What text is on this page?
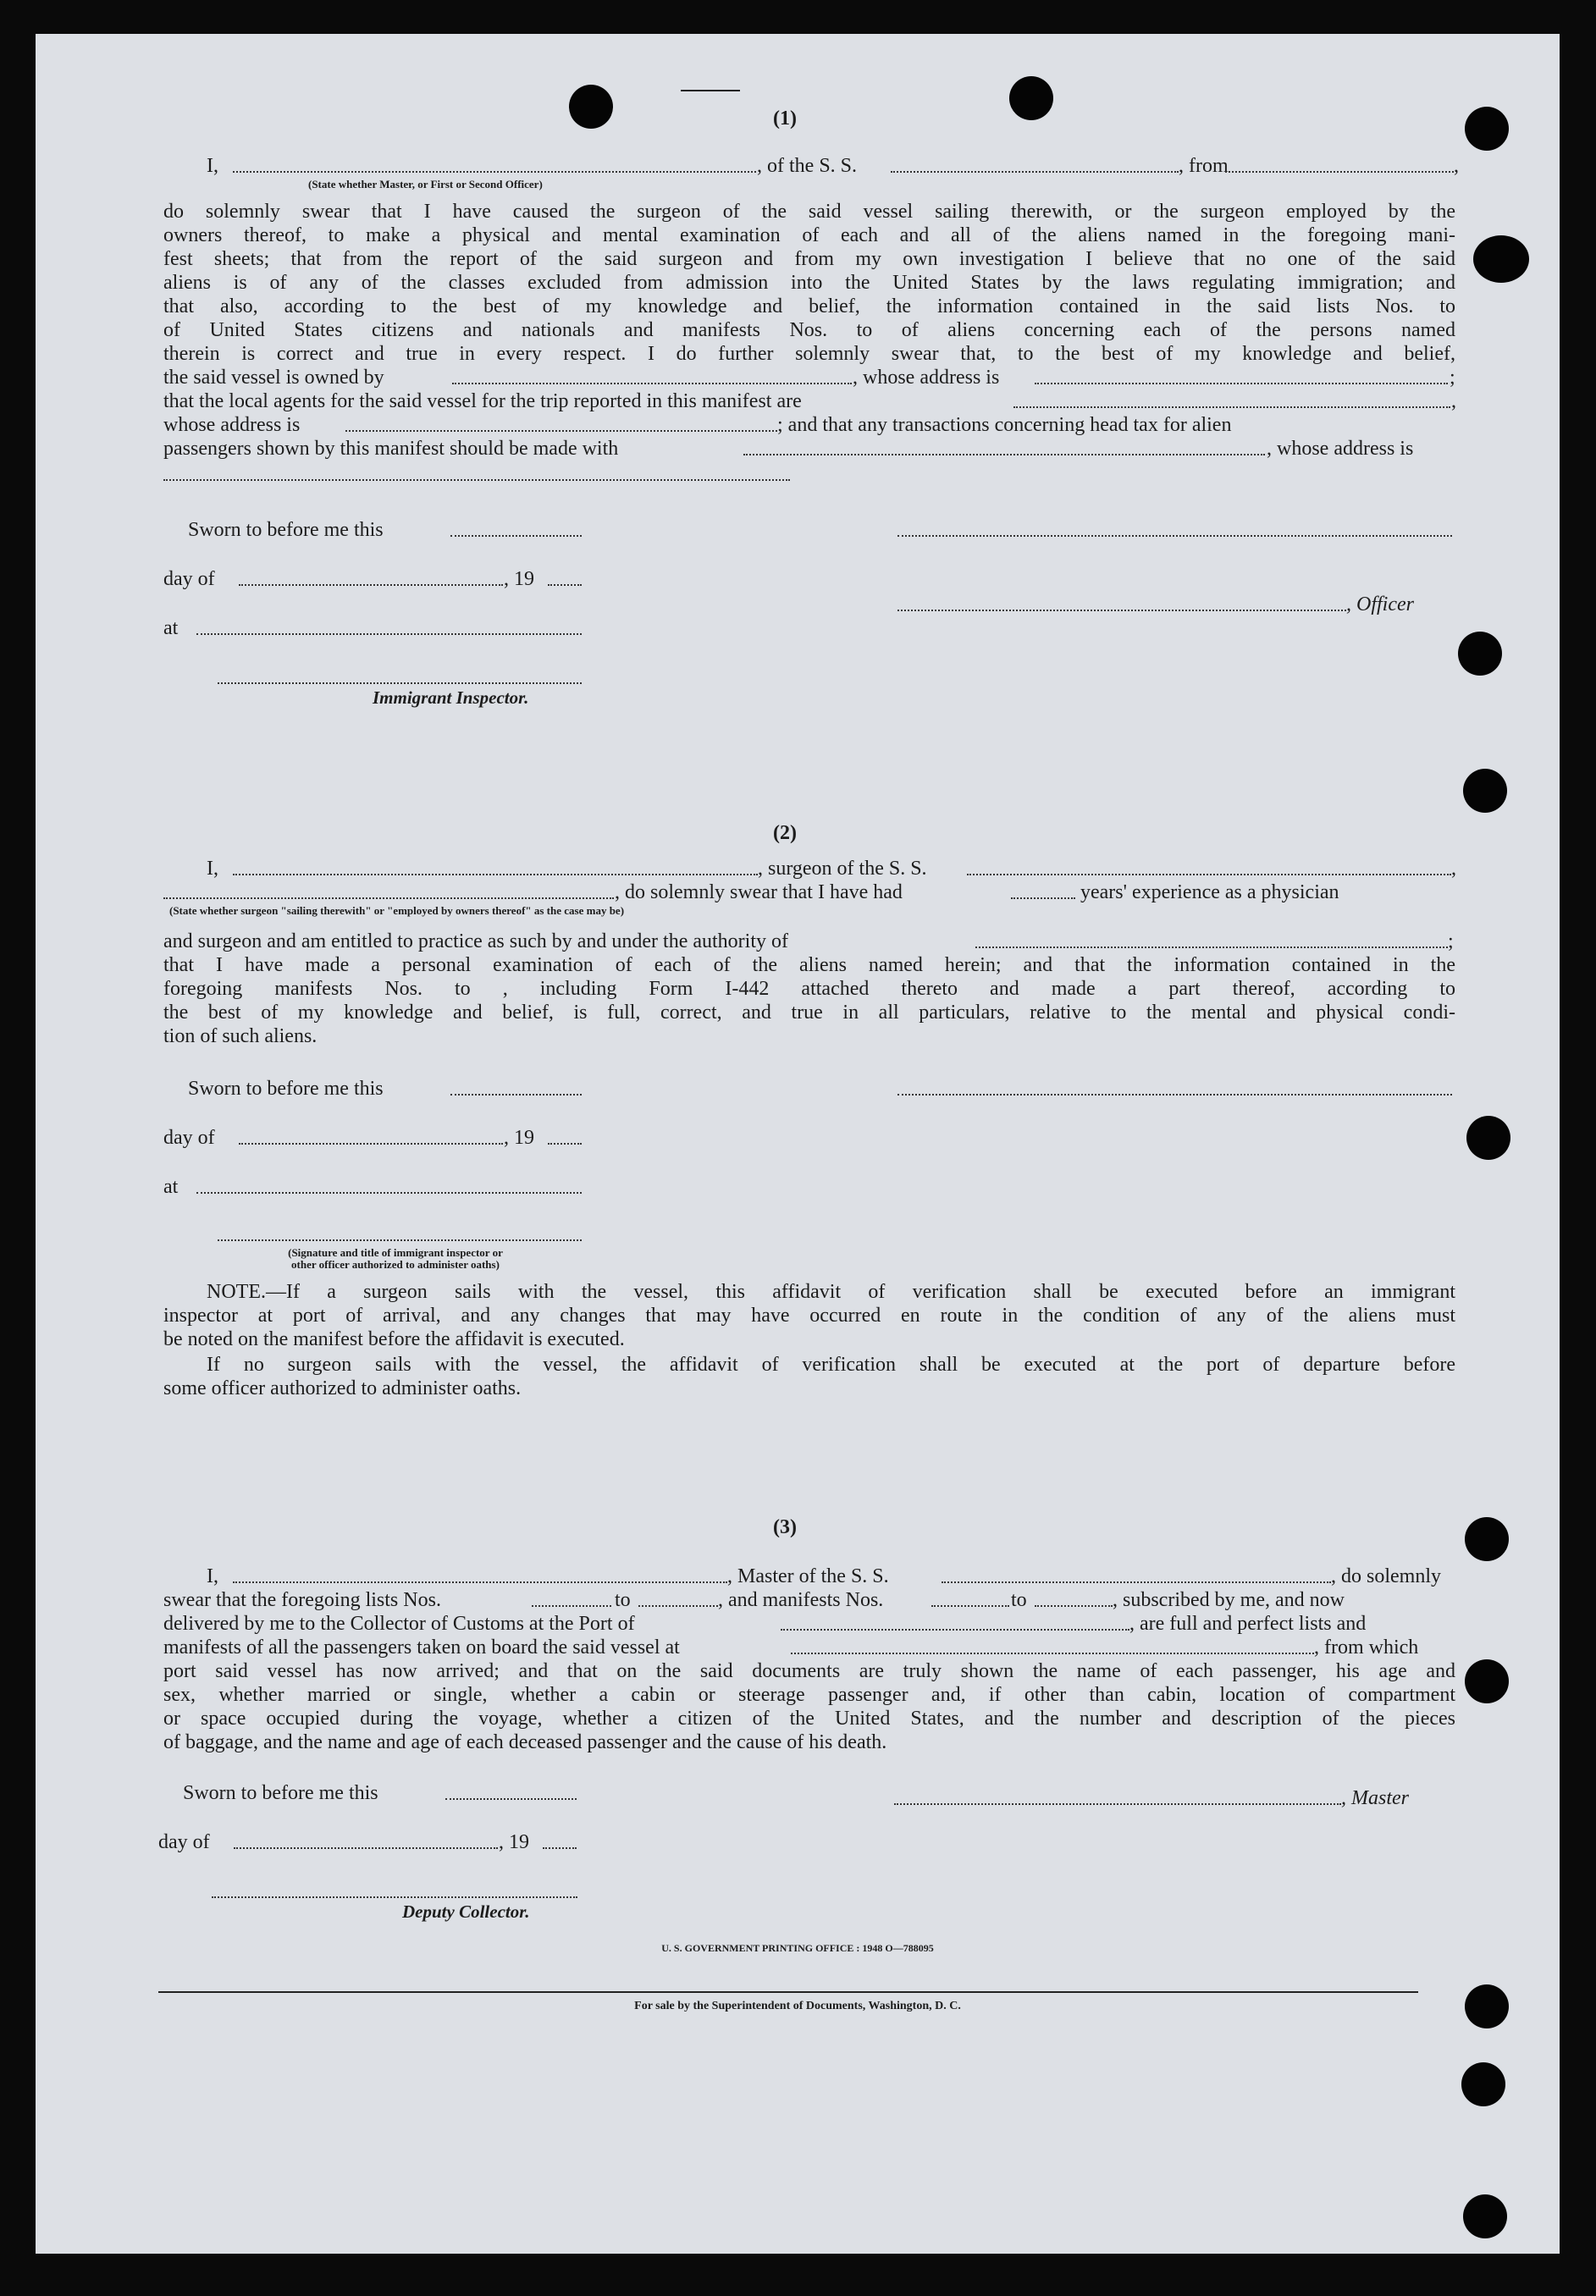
(1)
I,	, of the S. S.	, from	,
(State whether Master, or First or Second Officer)
do solemnly swear that I have caused the surgeon of the said vessel sailing therewith, or the surgeon employed by the
owners thereof, to make a physical and mental examination of each and all of the aliens named in the foregoing mani-
fest sheets; that from the report of the said surgeon and from my own investigation I believe that no one of the said
aliens is of any of the classes excluded from admission into the United States by the laws regulating immigration; and
that also, according to the best of my knowledge and belief, the information contained in the said lists Nos. to
of United States citizens and nationals and manifests Nos. to of aliens concerning each of the persons named
therein is correct and true in every respect. I do further solemnly swear that, to the best of my knowledge and belief,
the said vessel is owned by	, whose address is	;
that the local agents for the said vessel for the trip reported in this manifest are	,
whose address is	; and that any transactions concerning head tax for alien
passengers shown by this manifest should be made with	, whose address is
Sworn to before me this
day of	, 19
, Officer
at
Immigrant Inspector.
(2)
I,	, surgeon of the S. S.	,
, do solemnly swear that I have had	years' experience as a physician
(State whether surgeon "sailing therewith" or "employed by owners thereof" as the case may be)
and surgeon and am entitled to practice as such by and under the authority of	;
that I have made a personal examination of each of the aliens named herein; and that the information contained in the
foregoing manifests Nos. to , including Form I-442 attached thereto and made a part thereof, according to
the best of my knowledge and belief, is full, correct, and true in all particulars, relative to the mental and physical condi-
tion of such aliens.
Sworn to before me this
day of	, 19
at
(Signature and title of immigrant inspector or
other officer authorized to administer oaths)
NOTE.—If a surgeon sails with the vessel, this affidavit of verification shall be executed before an immigrant
inspector at port of arrival, and any changes that may have occurred en route in the condition of any of the aliens must
be noted on the manifest before the affidavit is executed.
If no surgeon sails with the vessel, the affidavit of verification shall be executed at the port of departure before
some officer authorized to administer oaths.
(3)
I,	, Master of the S. S.	, do solemnly
swear that the foregoing lists Nos.	to	, and manifests Nos.	to	, subscribed by me, and now
delivered by me to the Collector of Customs at the Port of	, are full and perfect lists and
manifests of all the passengers taken on board the said vessel at	, from which
port said vessel has now arrived; and that on the said documents are truly shown the name of each passenger, his age and
sex, whether married or single, whether a cabin or steerage passenger and, if other than cabin, location of compartment
or space occupied during the voyage, whether a citizen of the United States, and the number and description of the pieces
of baggage, and the name and age of each deceased passenger and the cause of his death.
Sworn to before me this	, Master
day of	, 19
Deputy Collector.
U. S. GOVERNMENT PRINTING OFFICE : 1948 O—788095
For sale by the Superintendent of Documents, Washington, D. C.
